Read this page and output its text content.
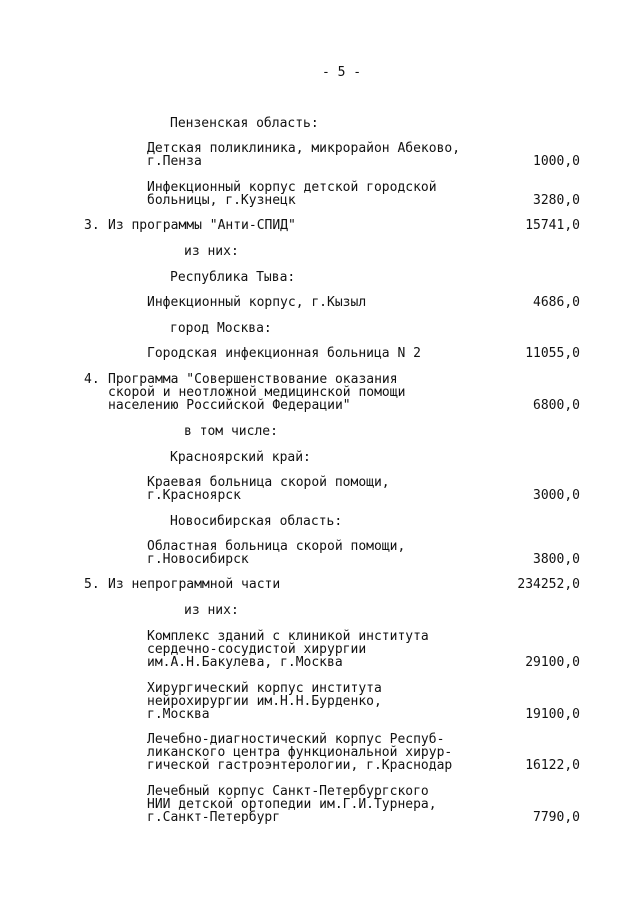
- 5 -
Пензенская область:
Детская поликлиника, микрорайон Абеково,
г.Пенза	1000,0
Инфекционный корпус детской городской
больницы, г.Кузнецк	3280,0
3. Из программы "Анти-СПИД"	15741,0
из них:
Республика Тыва:
Инфекционный корпус, г.Кызыл	4686,0
город Москва:
Городская инфекционная больница N 2	11055,0
4. Программа "Совершенствование оказания
скорой и неотложной медицинской помощи
населению Российской Федерации"	6800,0
в том числе:
Красноярский край:
Краевая больница скорой помощи,
г.Красноярск	3000,0
Новосибирская область:
Областная больница скорой помощи,
г.Новосибирск	3800,0
5. Из непрограммной части	234252,0
из них:
Комплекс зданий с клиникой института
сердечно-сосудистой хирургии
им.А.Н.Бакулева, г.Москва	29100,0
Хирургический корпус института
нейрохирургии им.Н.Н.Бурденко,
г.Москва	19100,0
Лечебно-диагностический корпус Респуб-
ликанского центра функциональной хирур-
гической гастроэнтерологии, г.Краснодар	16122,0
Лечебный корпус Санкт-Петербургского
НИИ детской ортопедии им.Г.И.Турнера,
г.Санкт-Петербург	7790,0
